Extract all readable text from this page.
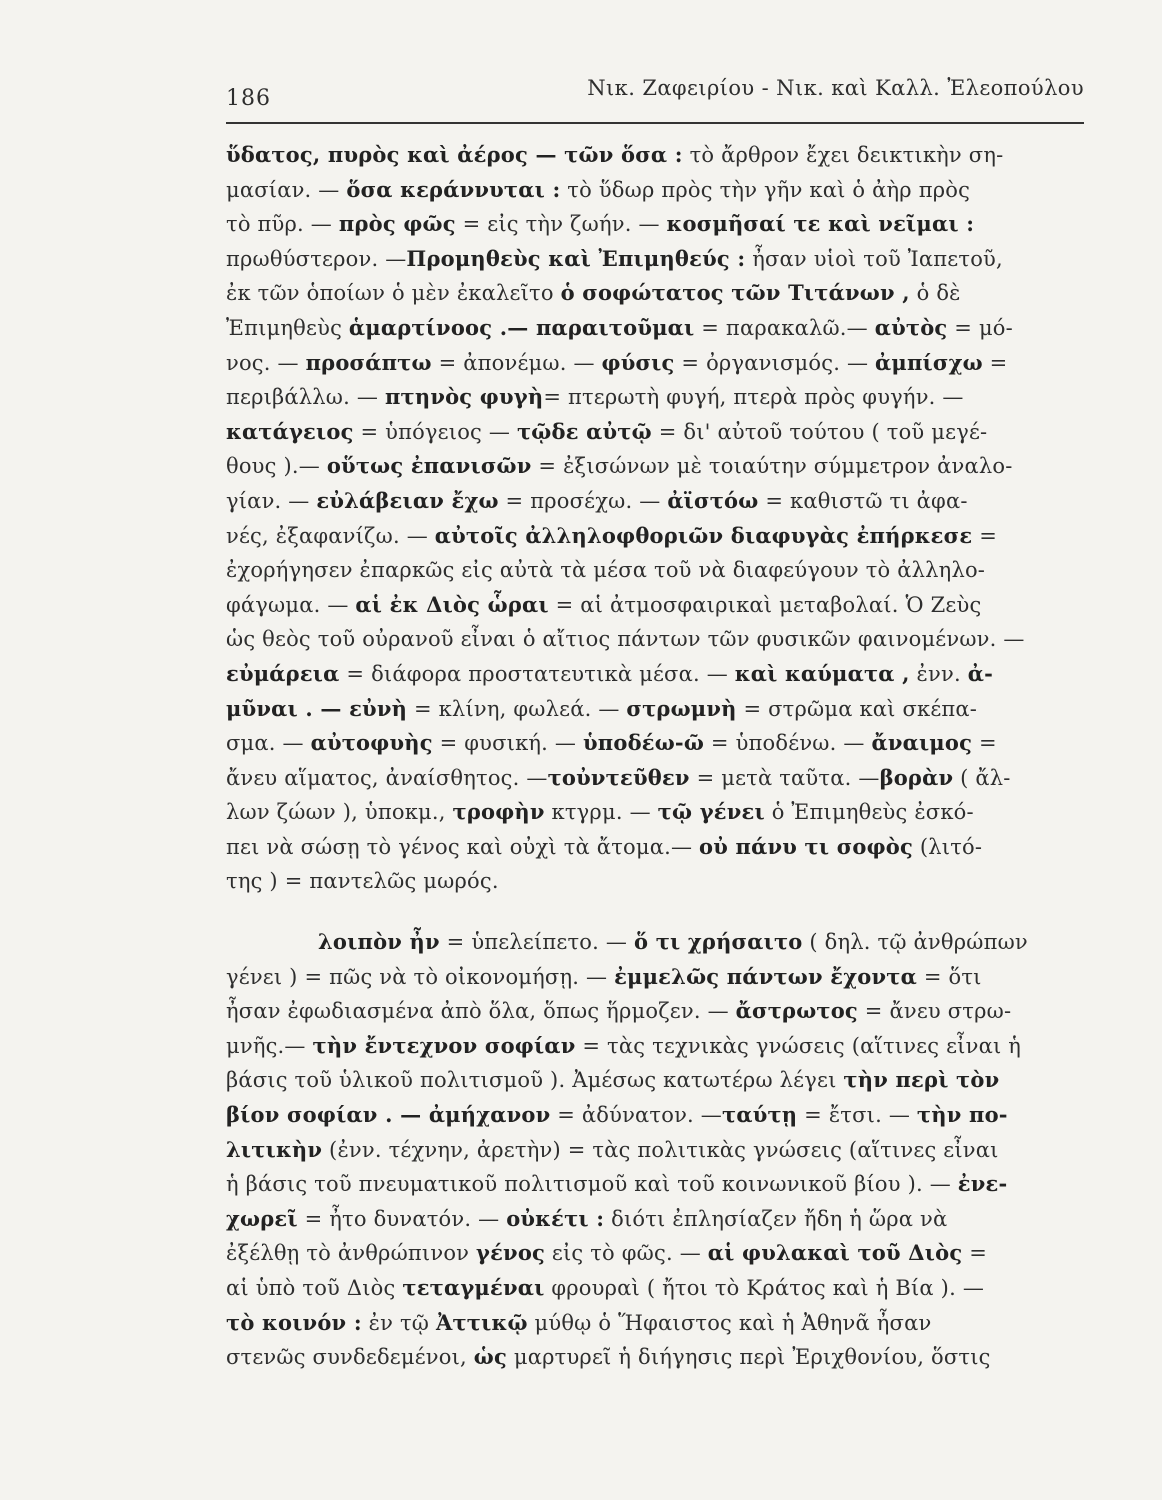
186	Νικ. Ζαφειρίου - Νικ. καὶ Καλλ. Ἐλεοπούλου
ὕδατος, πυρὸς καὶ ἀέρος — τῶν ὅσα : τὸ ἄρθρον ἔχει δεικτικὴν ση-
μασίαν. — ὅσα κεράννυται : τὸ ὕδωρ πρὸς τὴν γῆν καὶ ὁ ἀὴρ πρὸς
τὸ πῦρ. — πρὸς φῶς = εἰς τὴν ζωήν. — κοσμῆσαί τε καὶ νεῖμαι :
πρωθύστερον. —Προμηθεὺς καὶ Ἐπιμηθεύς : ἦσαν υἱοὶ τοῦ Ἰαπετοῦ,
ἐκ τῶν ὁποίων ὁ μὲν ἐκαλεῖτο ὁ σοφώτατος τῶν Τιτάνων , ὁ δὲ
Ἐπιμηθεὺς ἁμαρτίνοος .— παραιτοῦμαι = παρακαλῶ.— αὐτὸς = μό-
νος. — προσάπτω = ἀπονέμω. — φύσις = ὀργανισμός. — ἀμπίσχω =
περιβάλλω. — πτηνὸς φυγὴ= πτερωτὴ φυγή, πτερὰ πρὸς φυγήν. —
κατάγειος = ὑπόγειος — τῷδε αὐτῷ = δι' αὐτοῦ τούτου ( τοῦ μεγέ-
θους ).— οὕτως ἐπανισῶν = ἐξισώνων μὲ τοιαύτην σύμμετρον ἀναλο-
γίαν. — εὐλάβειαν ἔχω = προσέχω. — ἀϊστόω = καθιστῶ τι ἀφα-
νές, ἐξαφανίζω. — αὐτοῖς ἀλληλοφθοριῶν διαφυγὰς ἐπήρκεσε =
ἐχορήγησεν ἐπαρκῶς εἰς αὐτὰ τὰ μέσα τοῦ νὰ διαφεύγουν τὸ ἀλληλο-
φάγωμα. — αἱ ἐκ Διὸς ὧραι = αἱ ἀτμοσφαιρικαὶ μεταβολαί. Ὁ Ζεὺς
ὡς θεὸς τοῦ οὐρανοῦ εἶναι ὁ αἴτιος πάντων τῶν φυσικῶν φαινομένων. —
εὐμάρεια = διάφορα προστατευτικὰ μέσα. — καὶ καύματα , ἐνν. ἀ-
μῦναι . — εὐνὴ = κλίνη, φωλεά. — στρωμνὴ = στρῶμα καὶ σκέπα-
σμα. — αὐτοφυὴς = φυσική. — ὑποδέω-ῶ = ὑποδένω. — ἄναιμος =
ἄνευ αἵματος, ἀναίσθητος. —τοὐντεῦθεν = μετὰ ταῦτα. —βορὰν ( ἄλ-
λων ζώων ), ὑποκμ., τροφὴν κτγρμ. — τῷ γένει ὁ Ἐπιμηθεὺς ἐσκό-
πει νὰ σώσῃ τὸ γένος καὶ οὐχὶ τὰ ἄτομα.— οὐ πάνυ τι σοφὸς (λιτό-
της ) = παντελῶς μωρός.
λοιπὸν ἦν = ὑπελείπετο. — ὅ τι χρήσαιτο ( δηλ. τῷ ἀνθρώπων
γένει ) = πῶς νὰ τὸ οἰκονομήσῃ. — ἐμμελῶς πάντων ἔχοντα = ὅτι
ἦσαν ἐφωδιασμένα ἀπὸ ὅλα, ὅπως ἥρμοζεν. — ἄστρωτος = ἄνευ στρω-
μνῆς.— τὴν ἔντεχνον σοφίαν = τὰς τεχνικὰς γνώσεις (αἵτινες εἶναι ἡ
βάσις τοῦ ὑλικοῦ πολιτισμοῦ ). Ἀμέσως κατωτέρω λέγει τὴν περὶ τὸν
βίον σοφίαν . — ἀμήχανον = ἀδύνατον. —ταύτῃ = ἔτσι. — τὴν πο-
λιτικὴν (ἐνν. τέχνην, ἀρετὴν) = τὰς πολιτικὰς γνώσεις (αἵτινες εἶναι
ἡ βάσις τοῦ πνευματικοῦ πολιτισμοῦ καὶ τοῦ κοινωνικοῦ βίου ). — ἐνε-
χωρεῖ = ἦτο δυνατόν. — οὐκέτι : διότι ἐπλησίαζεν ἤδη ἡ ὥρα νὰ
ἐξέλθῃ τὸ ἀνθρώπινον γένος εἰς τὸ φῶς. — αἱ φυλακαὶ τοῦ Διὸς =
αἱ ὑπὸ τοῦ Διὸς τεταγμέναι φρουραὶ ( ἤτοι τὸ Κράτος καὶ ἡ Βία ). —
τὸ κοινόν : ἐν τῷ Ἀττικῷ μύθῳ ὁ Ἥφαιστος καὶ ἡ Ἀθηνᾶ ἦσαν
στενῶς συνδεδεμένοι, ὡς μαρτυρεῖ ἡ διήγησις περὶ Ἐριχθονίου, ὅστις
